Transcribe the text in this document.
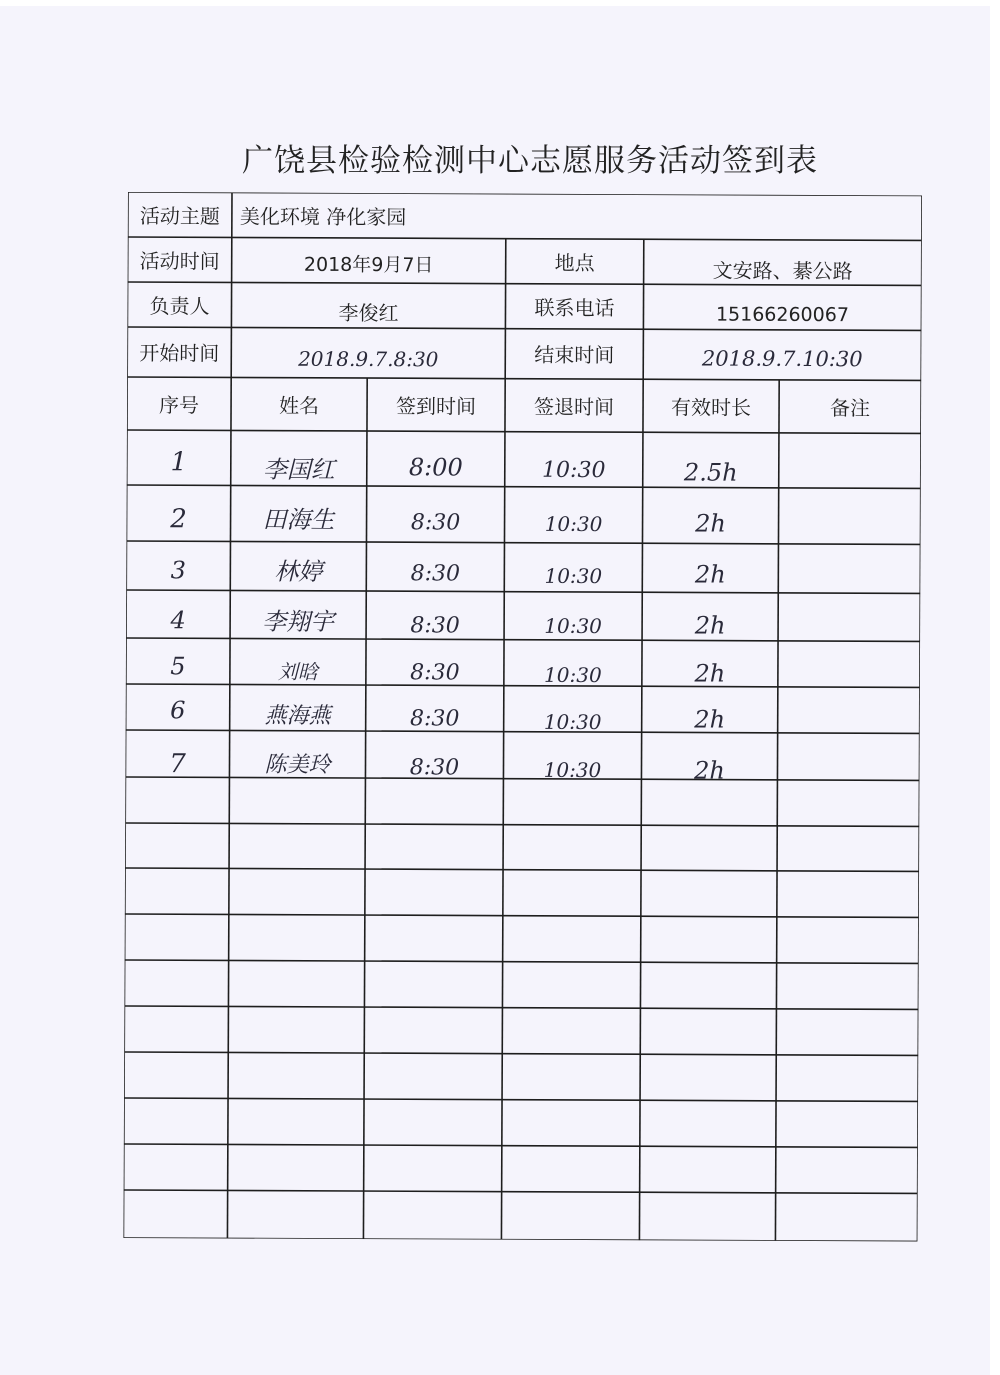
广饶县检验检测中心志愿服务活动签到表
活动主题 美化环境 净化家园
活动时间	2018年9月7日	地点	文安路、綦公路
负责人	李俊红	联系电话	15166260067
开始时间	2018.9.7.8:30	结束时间	2018.9.7.10:30
序号	姓名	签到时间	签退时间	有效时长	备注
1	李国红	8:00	10:30	2.5h
2	田海生	8:30	10:30	2h
3	林婷	8:30	10:30	2h
4	李翔宇	8:30	10:30	2h
5	刘晗	8:30	10:30	2h
6	燕海燕	8:30	10:30	2h
7	陈美玲	8:30	10:30	2h
